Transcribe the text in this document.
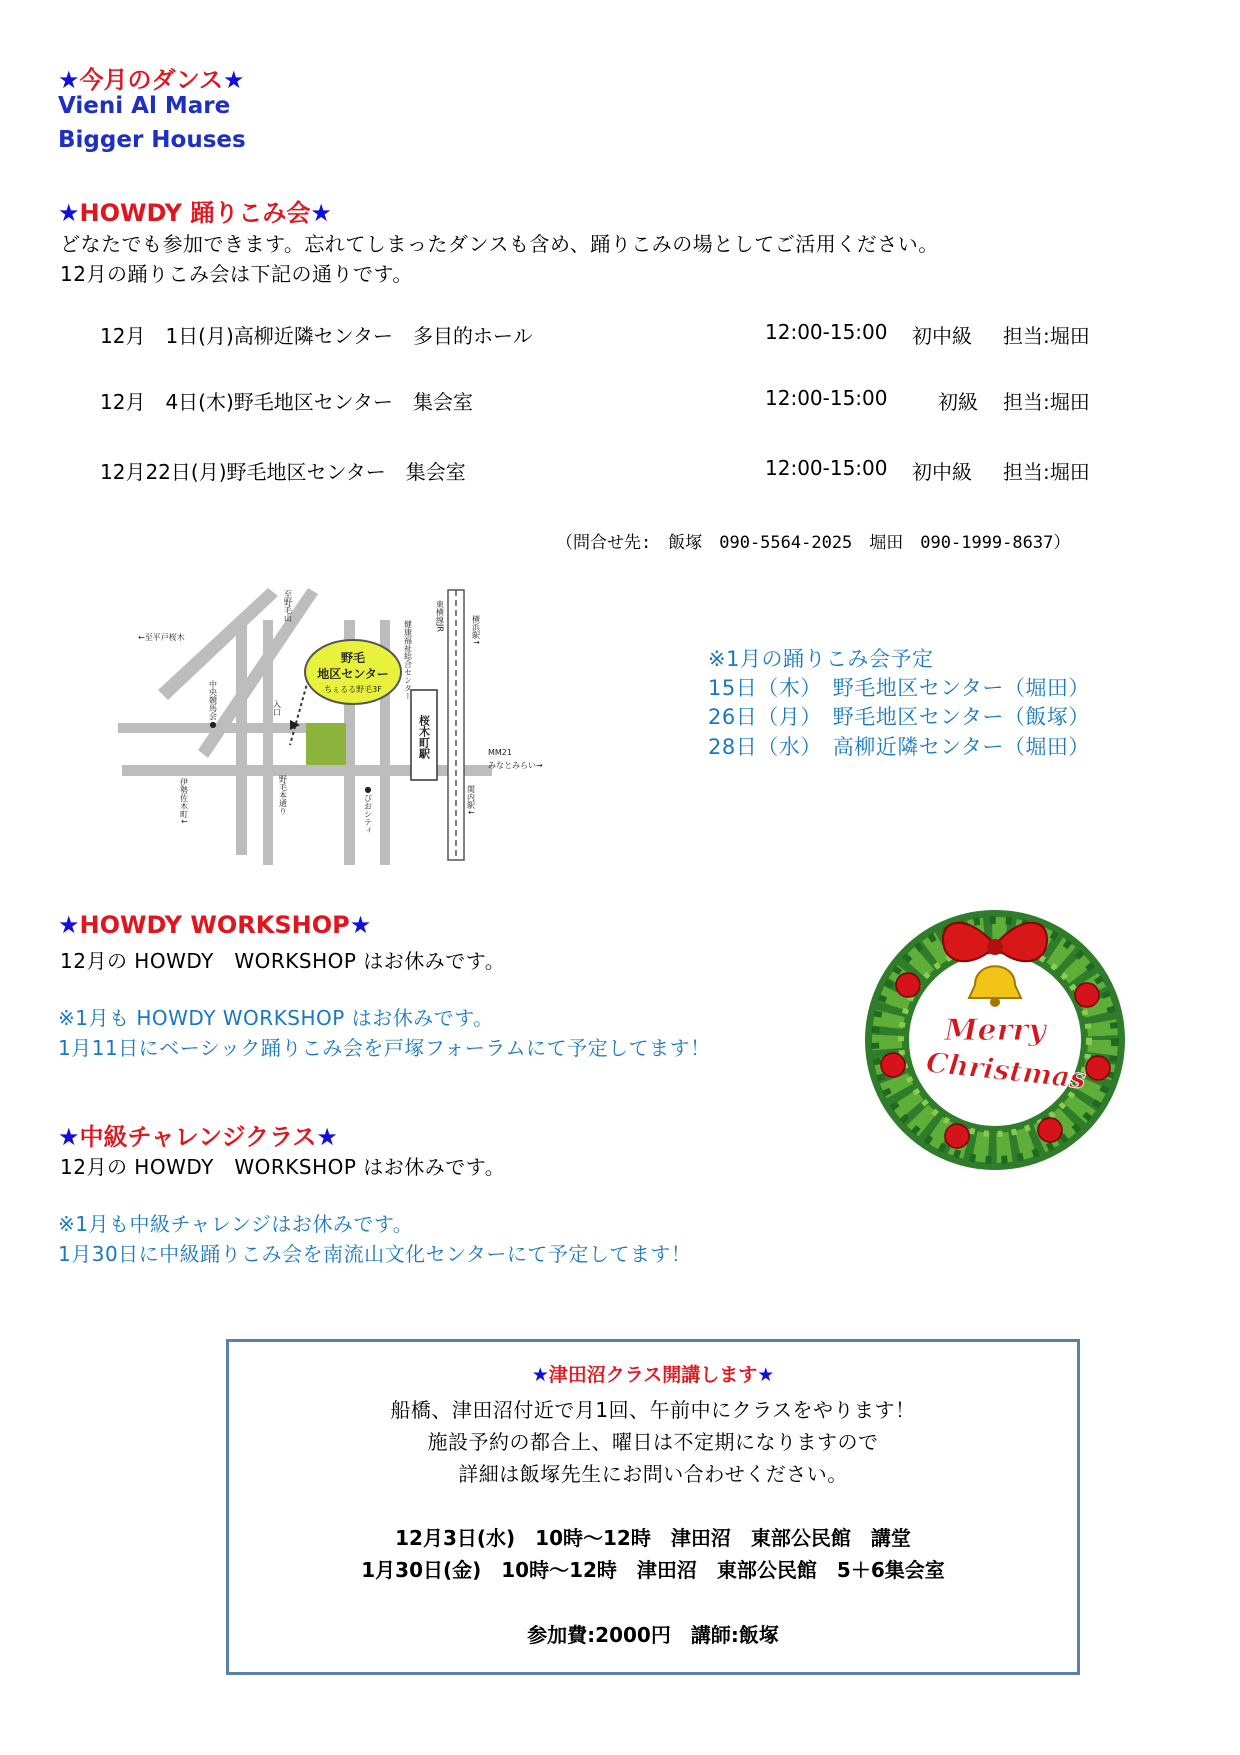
★今月のダンス★
Vieni Al Mare
Bigger Houses
★HOWDY 踊りこみ会★
どなたでも参加できます。忘れてしまったダンスも含め、踊りこみの場としてご活用ください。
12月の踊りこみ会は下記の通りです。
12月　1日(月)高柳近隣センター　多目的ホール	12:00-15:00 初中級 担当:堀田
12月　4日(木)野毛地区センター　集会室	12:00-15:00	初級 担当:堀田
12月22日(月)野毛地区センター　集会室	12:00-15:00 初中級 担当:堀田
（問合せ先:　飯塚　090-5564-2025　堀田　090-1999-8637）
野毛
地区センター
ちぇるる野毛3F
東横線JR	横浜駅↑
桜木町駅
健康福祉総合センター
MM21
みなとみらい→
関内駅↓
●ぴおシティ
野毛本通り
伊勢佐木町↓
中央競馬会●	入口
至野毛山
←至平戸桜木
※1月の踊りこみ会予定
15日（木）　野毛地区センター（堀田）
26日（月）　野毛地区センター（飯塚）
28日（水）　高柳近隣センター（堀田）
★HOWDY WORKSHOP★
12月の HOWDY　WORKSHOP はお休みです。
※1月も HOWDY WORKSHOP はお休みです。
1月11日にベーシック踊りこみ会を戸塚フォーラムにて予定してます！
★中級チャレンジクラス★
12月の HOWDY　WORKSHOP はお休みです。
※1月も中級チャレンジはお休みです。
1月30日に中級踊りこみ会を南流山文化センターにて予定してます！
Merry
Christmas
★津田沼クラス開講します★
船橋、津田沼付近で月1回、午前中にクラスをやります！
施設予約の都合上、曜日は不定期になりますので
詳細は飯塚先生にお問い合わせください。
12月3日(水)　10時～12時　津田沼　東部公民館　講堂
1月30日(金)　10時～12時　津田沼　東部公民館　5＋6集会室
参加費:2000円　講師:飯塚
